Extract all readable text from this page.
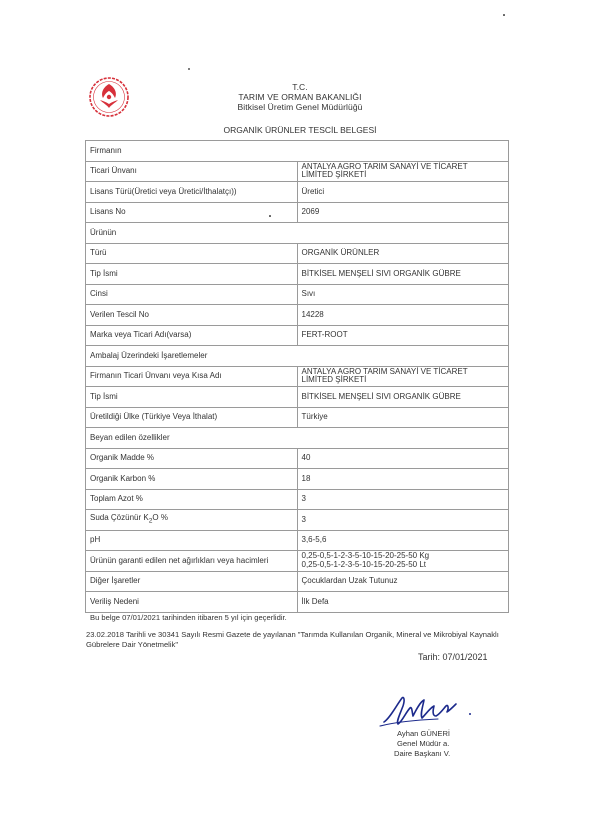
T.C.
TARIM VE ORMAN BAKANLIĞI
Bitkisel Üretim Genel Müdürlüğü
ORGANİK ÜRÜNLER TESCİL BELGESİ
Firmanın	
Ticari Ünvanı	ANTALYA AGRO TARIM SANAYİ VE TİCARET
LİMİTED ŞİRKETİ

Lisans Türü(Üretici veya Üretici/İthalatçı))	Üretici
Lisans No	2069
Ürünün	
Türü	ORGANİK ÜRÜNLER
Tip İsmi	BİTKİSEL MENŞELİ SIVI ORGANİK GÜBRE
Cinsi	Sıvı
Verilen Tescil No	14228
Marka veya Ticari Adı(varsa)	FERT-ROOT
Ambalaj Üzerindeki İşaretlemeler	
Firmanın Ticari Ünvanı veya Kısa Adı	ANTALYA AGRO TARIM SANAYİ VE TİCARET
LİMİTED ŞİRKETİ

Tip İsmi	BİTKİSEL MENŞELİ SIVI ORGANİK GÜBRE
Üretildiği Ülke (Türkiye Veya İthalat)	Türkiye
Beyan edilen özellikler	
Organik Madde %	40
Organik Karbon %	18
Toplam Azot %	3
Suda Çözünür $K_2O$ %	3
pH	3,6-5,6
Ürünün garanti edilen net ağırlıkları veya hacimleri	0,25-0,5-1-2-3-5-10-15-20-25-50 Kg
0,25-0,5-1-2-3-5-10-15-20-25-50 Lt

Diğer İşaretler	Çocuklardan Uzak Tutunuz
Veriliş Nedeni	İlk Defa
Bu belge 07/01/2021 tarihinden itibaren 5 yıl için geçerlidir.
23.02.2018 Tarihli ve 30341 Sayılı Resmi Gazete de yayılanan "Tarımda Kullanılan Organik, Mineral ve Mikrobiyal Kaynaklı Gübrelere Dair Yönetmelik"
Tarih: 07/01/2021
Ayhan GÜNERİ
Genel Müdür a.
Daire Başkanı V.
